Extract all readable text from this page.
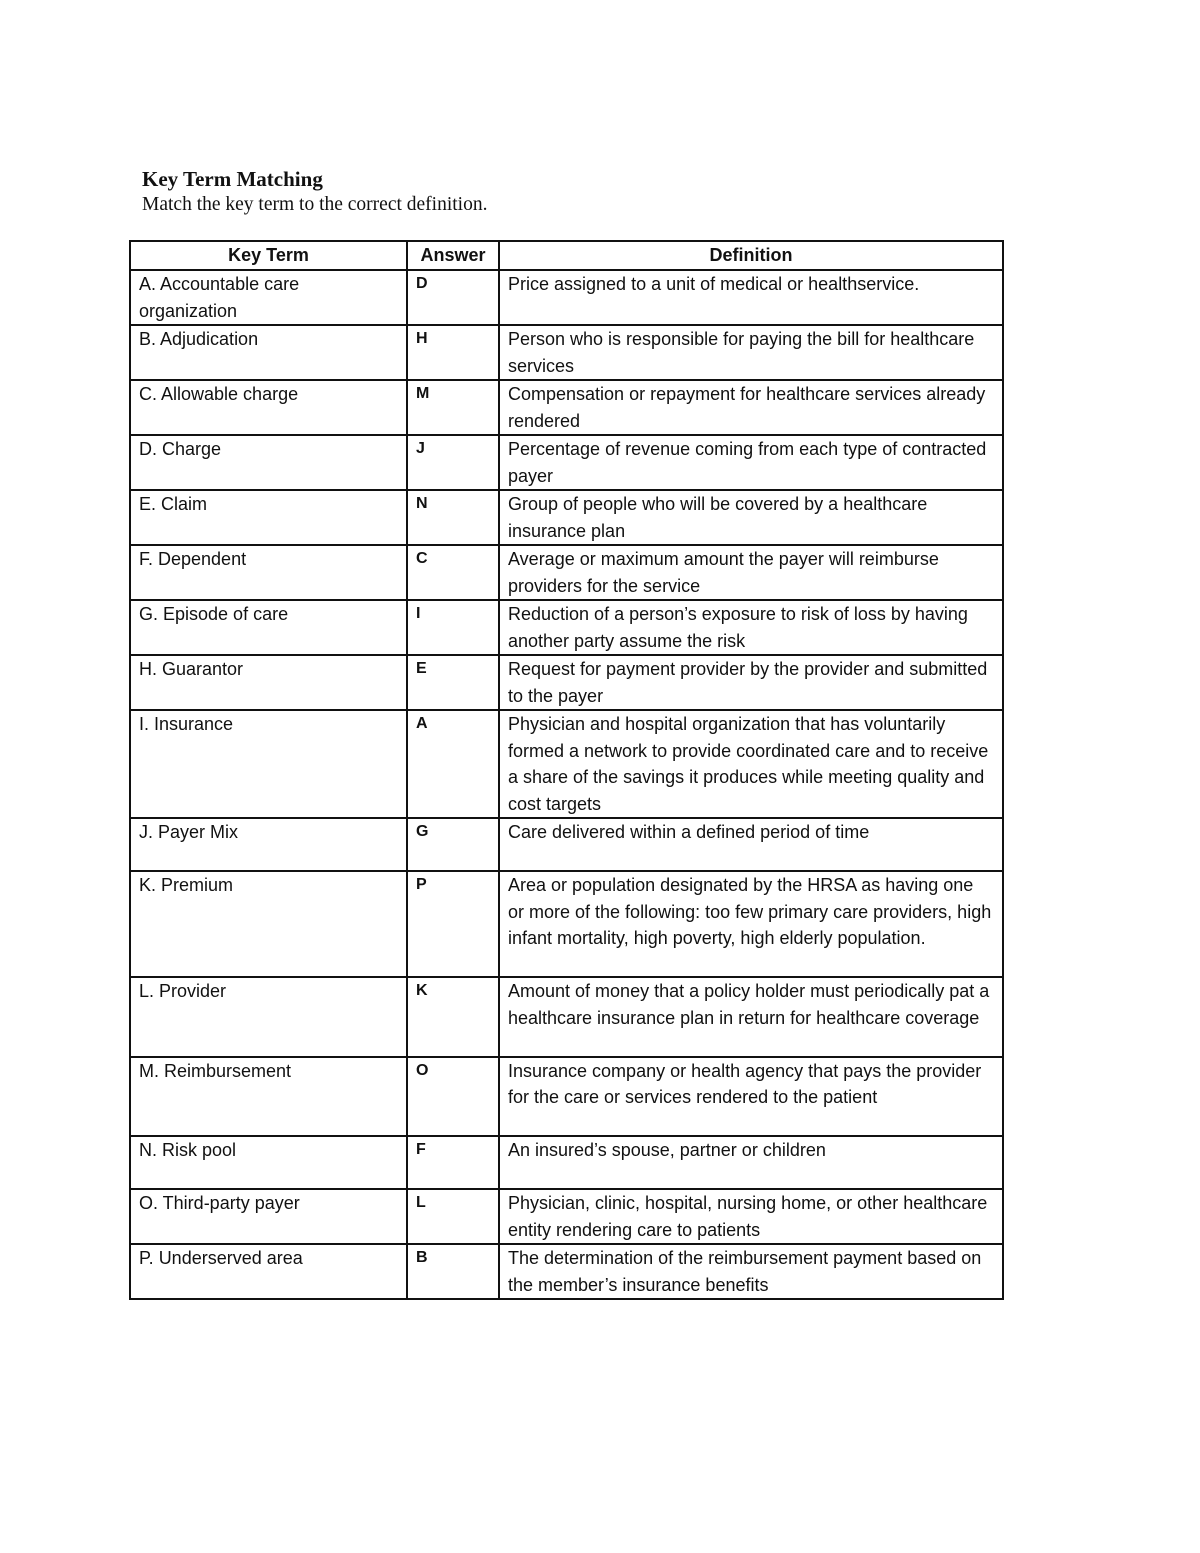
Key Term Matching
Match the key term to the correct definition.
Key Term	Answer	Definition
A. Accountable care organization	D	Price assigned to a unit of medical or healthservice.
B. Adjudication	H	Person who is responsible for paying the bill for healthcare services
C. Allowable charge	M	Compensation or repayment for healthcare services already rendered
D. Charge	J	Percentage of revenue coming from each type of contracted payer
E. Claim	N	Group of people who will be covered by a healthcare insurance plan
F. Dependent	C	Average or maximum amount the payer will reimburse providers for the service
G. Episode of care	I	Reduction of a person’s exposure to risk of loss by having another party assume the risk
H. Guarantor	E	Request for payment provider by the provider and submitted to the payer
I. Insurance	A	Physician and hospital organization that has voluntarily formed a network to provide coordinated care and to receive a share of the savings it produces while meeting quality and cost targets
J. Payer Mix	G	Care delivered within a defined period of time
K. Premium	P	Area or population designated by the HRSA as having one or more of the following: too few primary care providers, high infant mortality, high poverty, high elderly population.
L. Provider	K	Amount of money that a policy holder must periodically pat a healthcare insurance plan in return for healthcare coverage
M. Reimbursement	O	Insurance company or health agency that pays the provider for the care or services rendered to the patient
N. Risk pool	F	An insured’s spouse, partner or children
O. Third-party payer	L	Physician, clinic, hospital, nursing home, or other healthcare entity rendering care to patients
P. Underserved area	B	The determination of the reimbursement payment based on the member’s insurance benefits
